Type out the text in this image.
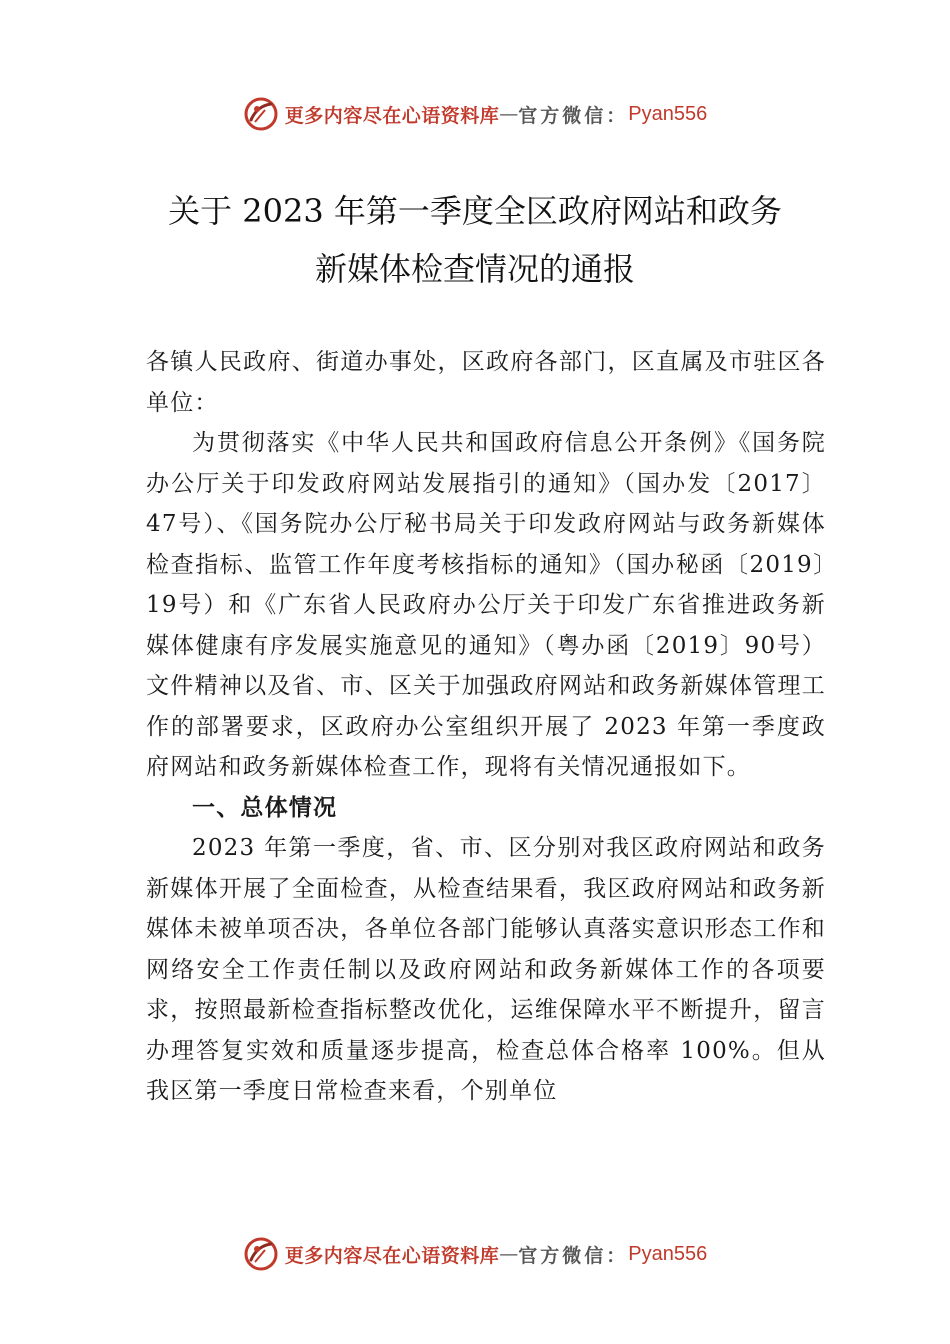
更多内容尽在心语资料库 — 官方微信： Pyan556
关于 2023 年第一季度全区政府网站和政务
新媒体检查情况的通报

各镇人民政府、街道办事处，区政府各部门，区直属及市驻区各单位：

为贯彻落实《中华人民共和国政府信息公开条例》《国务院办公厅关于印发政府网站发展指引的通知》（国办发〔2017〕47号）、《国务院办公厅秘书局关于印发政府网站与政务新媒体检查指标、监管工作年度考核指标的通知》（国办秘函〔2019〕19号）和《广东省人民政府办公厅关于印发广东省推进政务新媒体健康有序发展实施意见的通知》（粤办函〔2019〕90号）文件精神以及省、市、区关于加强政府网站和政务新媒体管理工作的部署要求，区政府办公室组织开展了 2023 年第一季度政府网站和政务新媒体检查工作，现将有关情况通报如下。

一、总体情况

2023 年第一季度，省、市、区分别对我区政府网站和政务新媒体开展了全面检查，从检查结果看，我区政府网站和政务新媒体未被单项否决，各单位各部门能够认真落实意识形态工作和网络安全工作责任制以及政府网站和政务新媒体工作的各项要求，按照最新检查指标整改优化，运维保障水平不断提升，留言办理答复实效和质量逐步提高，检查总体合格率 100%。但从我区第一季度日常检查来看，个别单位

更多内容尽在心语资料库 — 官方微信： Pyan556
